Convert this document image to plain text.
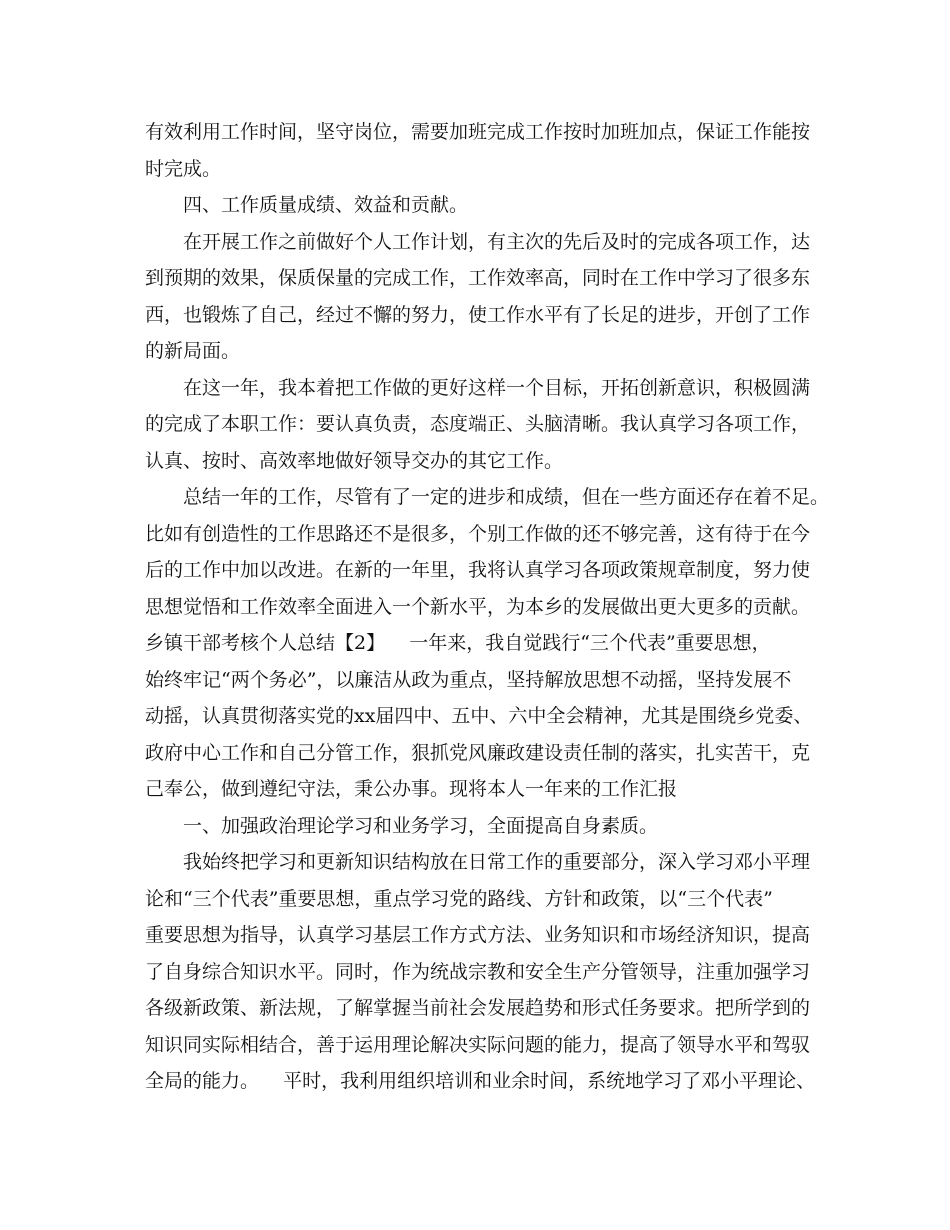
有效利用工作时间，坚守岗位，需要加班完成工作按时加班加点，保证工作能按
时完成。
四、工作质量成绩、效益和贡献。
在开展工作之前做好个人工作计划，有主次的先后及时的完成各项工作，达
到预期的效果，保质保量的完成工作，工作效率高，同时在工作中学习了很多东
西，也锻炼了自己，经过不懈的努力，使工作水平有了长足的进步，开创了工作
的新局面。
在这一年，我本着把工作做的更好这样一个目标，开拓创新意识，积极圆满
的完成了本职工作：要认真负责，态度端正、头脑清晰。我认真学习各项工作，
认真、按时、高效率地做好领导交办的其它工作。
总结一年的工作，尽管有了一定的进步和成绩，但在一些方面还存在着不足。
比如有创造性的工作思路还不是很多，个别工作做的还不够完善，这有待于在今
后的工作中加以改进。在新的一年里，我将认真学习各项政策规章制度，努力使
思想觉悟和工作效率全面进入一个新水平，为本乡的发展做出更大更多的贡献。
乡镇干部考核个人总结【2】    一年来，我自觉践行“三个代表”重要思想，
始终牢记“两个务必”，以廉洁从政为重点，坚持解放思想不动摇，坚持发展不
动摇，认真贯彻落实党的xx届四中、五中、六中全会精神，尤其是围绕乡党委、
政府中心工作和自己分管工作，狠抓党风廉政建设责任制的落实，扎实苦干，克
己奉公，做到遵纪守法，秉公办事。现将本人一年来的工作汇报
一、加强政治理论学习和业务学习，全面提高自身素质。
我始终把学习和更新知识结构放在日常工作的重要部分，深入学习邓小平理
论和“三个代表”重要思想，重点学习党的路线、方针和政策，以“三个代表”
重要思想为指导，认真学习基层工作方式方法、业务知识和市场经济知识，提高
了自身综合知识水平。同时，作为统战宗教和安全生产分管领导，注重加强学习
各级新政策、新法规，了解掌握当前社会发展趋势和形式任务要求。把所学到的
知识同实际相结合，善于运用理论解决实际问题的能力，提高了领导水平和驾驭
全局的能力。    平时，我利用组织培训和业余时间，系统地学习了邓小平理论、
